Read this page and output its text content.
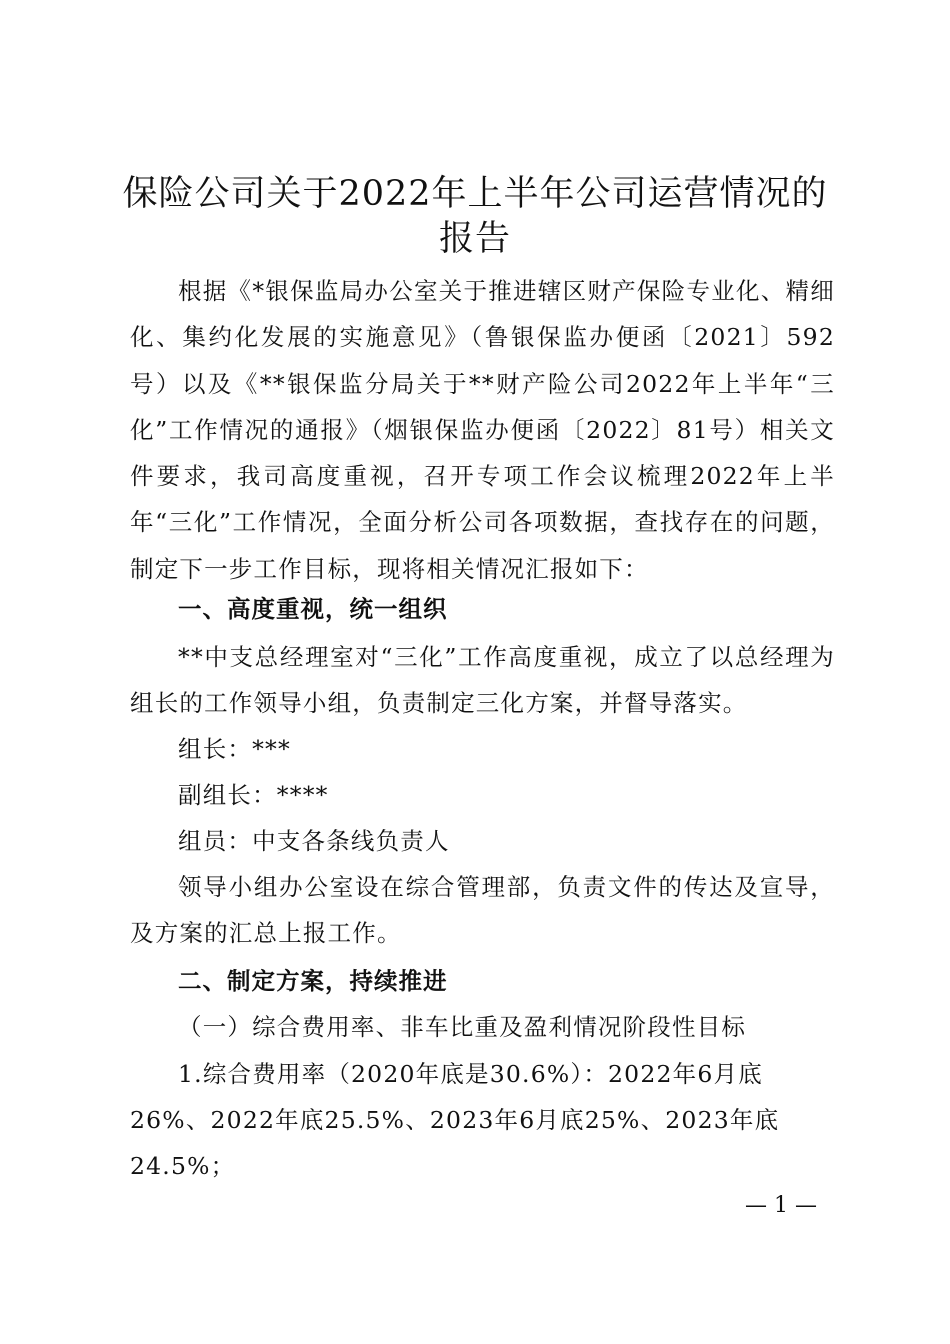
保险公司关于2022年上半年公司运营情况的
报告

根据《*银保监局办公室关于推进辖区财产保险专业化、精细化、集约化发展的实施意见》（鲁银保监办便函〔2021〕592号）以及《**银保监分局关于**财产险公司2022年上半年“三化”工作情况的通报》（烟银保监办便函〔2022〕81号）相关文件要求，我司高度重视，召开专项工作会议梳理2022年上半年“三化”工作情况，全面分析公司各项数据，查找存在的问题，制定下一步工作目标，现将相关情况汇报如下：

一、高度重视，统一组织

**中支总经理室对“三化”工作高度重视，成立了以总经理为组长的工作领导小组，负责制定三化方案，并督导落实。

组长：***

副组长：****

组员：中支各条线负责人

领导小组办公室设在综合管理部，负责文件的传达及宣导，及方案的汇总上报工作。

二、制定方案，持续推进

（一）综合费用率、非车比重及盈利情况阶段性目标

1.综合费用率（2020年底是30.6%）：2022年6月底

26%、2022年底25.5%、2023年6月底25%、2023年底

24.5%；

— 1 —
